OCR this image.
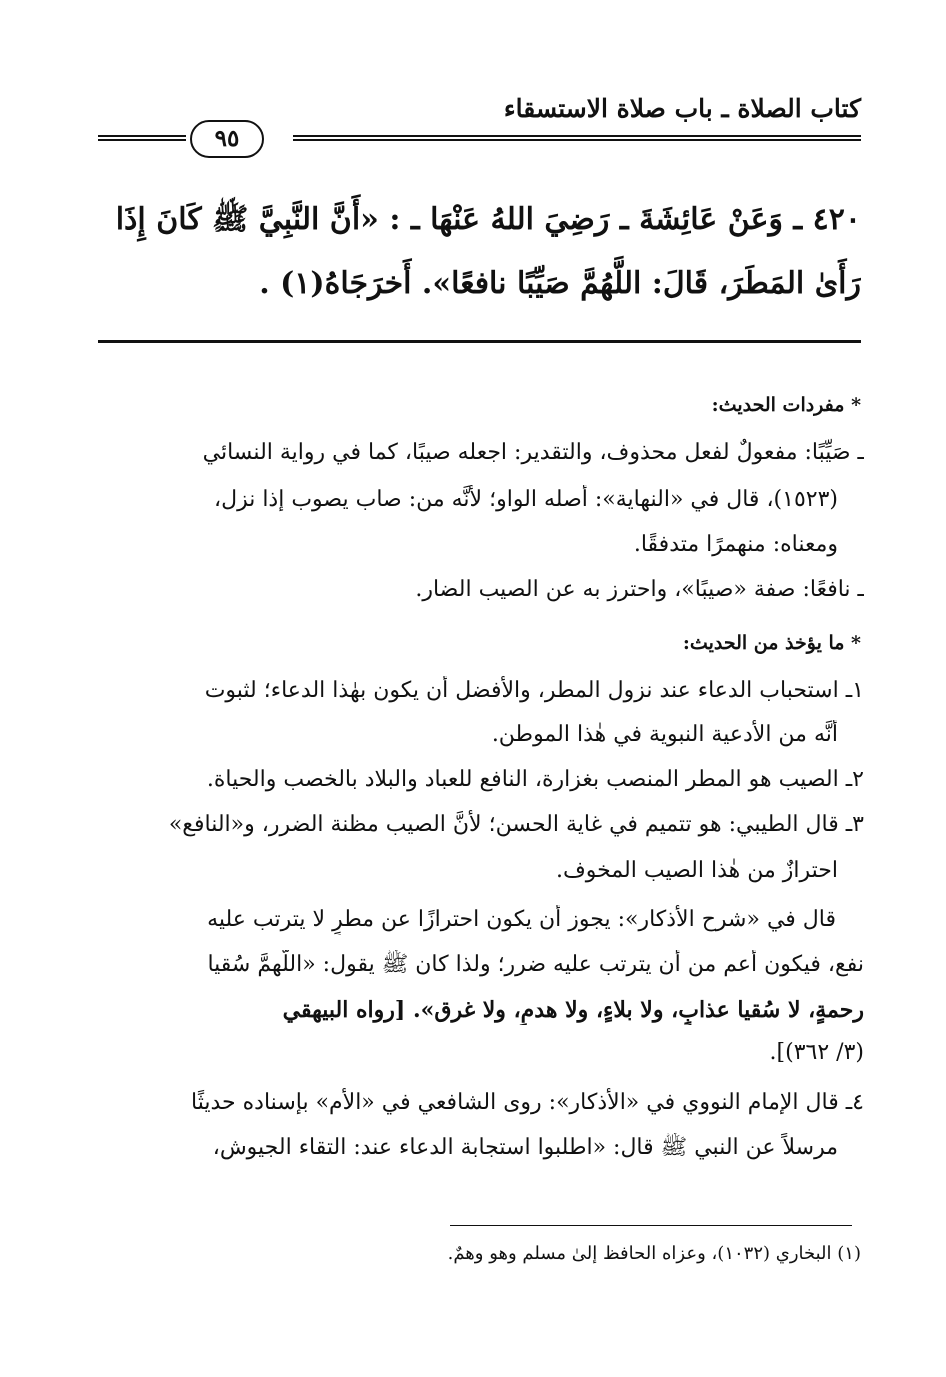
كتاب الصلاة ـ باب صلاة الاستسقاء
٩٥
٤٢٠ ـ وَعَنْ عَائِشَةَ ـ رَضِيَ اللهُ عَنْهَا ـ : «أَنَّ النَّبِيَّ ﷺ كَانَ إِذَا
رَأَىٰ المَطَرَ، قَالَ: اللَّهُمَّ صَيِّبًا نافعًا». أَخرَجَاهُ(١) .
* مفردات الحديث:
ـ صَيِّبًا: مفعولٌ لفعل محذوف، والتقدير: اجعله صيبًا، كما في رواية النسائي
(١٥٢٣)، قال في «النهاية»: أصله الواو؛ لأنَّه من: صاب يصوب إذا نزل،
ومعناه: منهمرًا متدفقًا.
ـ نافعًا: صفة «صيبًا»، واحترز به عن الصيب الضار.
* ما يؤخذ من الحديث:
١ـ استحباب الدعاء عند نزول المطر، والأفضل أن يكون بهٰذا الدعاء؛ لثبوت
أنَّه من الأدعية النبوية في هٰذا الموطن.
٢ـ الصيب هو المطر المنصب بغزارة، النافع للعباد والبلاد بالخصب والحياة.
٣ـ قال الطيبي: هو تتميم في غاية الحسن؛ لأنَّ الصيب مظنة الضرر، و«النافع»
احترازٌ من هٰذا الصيب المخوف.
قال في «شرح الأذكار»: يجوز أن يكون احترازًا عن مطرٍ لا يترتب عليه
نفع، فيكون أعم من أن يترتب عليه ضرر؛ ولذا كان ﷺ يقول: «اللَّهمَّ سُقيا
رحمةٍ، لا سُقيا عذابٍ، ولا بلاءٍ، ولا هدمٍ، ولا غرق». [رواه البيهقي
(٣/ ٣٦٢)].
٤ـ قال الإمام النووي في «الأذكار»: روى الشافعي في «الأم» بإسناده حديثًا
مرسلاً عن النبي ﷺ قال: «اطلبوا استجابة الدعاء عند: التقاء الجيوش،
(١) البخاري (١٠٣٢)، وعزاه الحافظ إلىٰ مسلم وهو وهمٌ.
